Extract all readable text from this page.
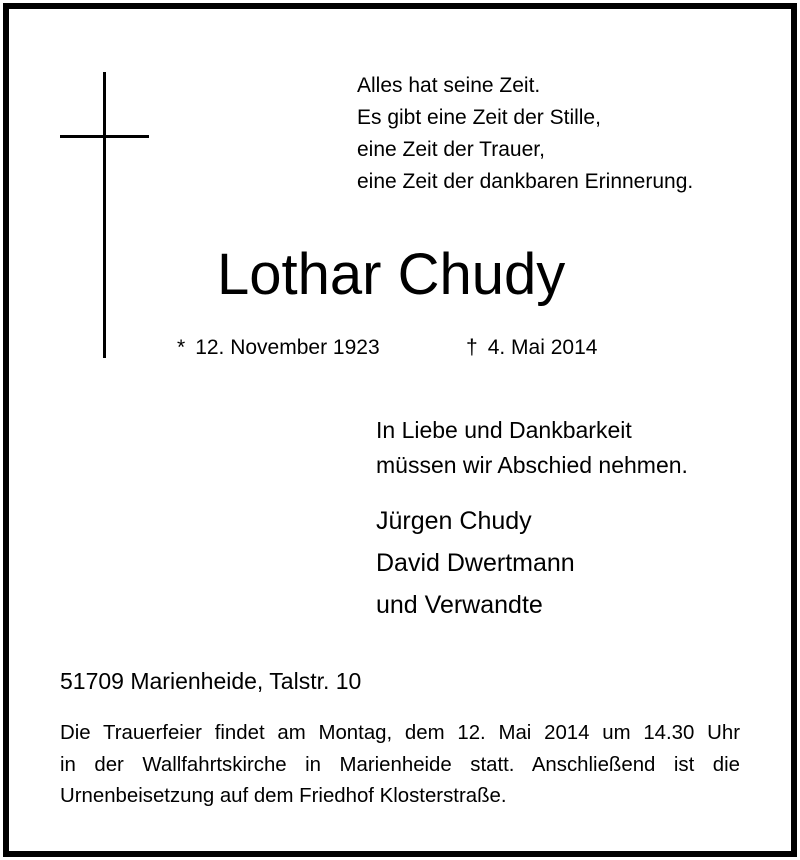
Alles hat seine Zeit.
Es gibt eine Zeit der Stille,
eine Zeit der Trauer,
eine Zeit der dankbaren Erinnerung.
Lothar Chudy
* 12. November 1923	† 4. Mai 2014
In Liebe und Dankbarkeit
müssen wir Abschied nehmen.
Jürgen Chudy
David Dwertmann
und Verwandte
51709 Marienheide, Talstr. 10
Die Trauerfeier findet am Montag, dem 12. Mai 2014 um 14.30 Uhr
in der Wallfahrtskirche in Marienheide statt. Anschließend ist die
Urnenbeisetzung auf dem Friedhof Klosterstraße.
